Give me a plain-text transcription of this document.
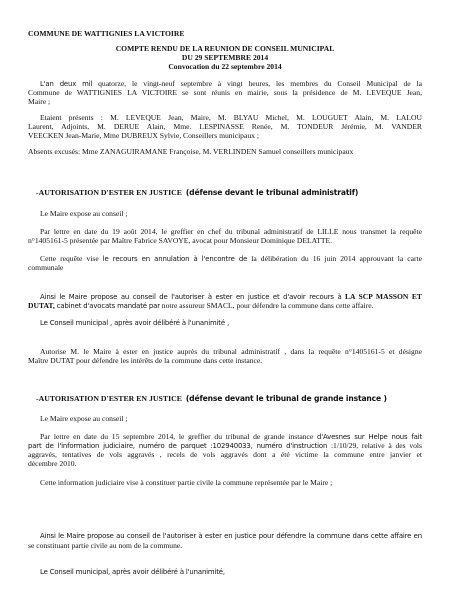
COMMUNE DE WATTIGNIES LA VICTOIRE

COMPTE RENDU DE LA REUNION DE CONSEIL MUNICIPAL

DU 29 SEPTEMBRE 2014

Convocation du 22 septembre 2014

L'an deux mil quatorze, le vingt-neuf septembre à vingt heures, les membres du Conseil Municipal de la

Commune de WATTIGNIES LA VICTOIRE se sont réunis en mairie, sous la présidence de M. LEVEQUE Jean,

Maire ;

Etaient présents : M. LEVEQUE Jean, Maire, M. BLYAU Michel, M. LOUGUET Alain, M. LALOU

Laurent, Adjoints, M. DERUE Alain, Mme. LESPINASSE Renée, M. TONDEUR Jérémie, M. VANDER

VEECKEN Jean-Marie, Mme DUBREUX Sylvie, Conseillers municipaux ;

Absents excusés: Mme ZANAGUIRAMANE Françoise, M. VERLINDEN Samuel conseillers municipaux

-AUTORISATION D'ESTER EN JUSTICE (défense devant le tribunal administratif)

Le Maire expose au conseil ;

Par lettre en date du 19 août 2014, le greffier en chef du tribunal administratif de LILLE nous transmet la requête

n°1405161-5 présentée par Maître Fabrice SAVOYE, avocat pour Monsieur Dominique DELATTE.

Cette requête vise le recours en annulation à l'encontre de la délibération du 16 juin 2014 approuvant la carte

communale

Ainsi le Maire propose au conseil de l'autoriser à ester en justice et d'avoir recours à LA SCP MASSON ET

DUTAT, cabinet d'avocats mandaté par notre assureur SMACL, pour défendre la commune dans cette affaire.

Le Conseil municipal , après avoir délibéré à l'unanimité ,

Autorise M. le Maire à ester en justice auprès du tribunal administratif , dans la requête n°1405161-5 et désigne

Maître DUTAT pour défendre les intérêts de la commune dans cette instance.

-AUTORISATION D'ESTER EN JUSTICE (défense devant le tribunal de grande instance )

Le Maire expose au conseil ;

Par lettre en date du 15 septembre 2014, le greffier du tribunal de grande instance d'Avesnes sur Helpe nous fait

part de l'information judiciaire, numéro de parquet :102940033, numéro d'instruction :1/10/29, relative à des vols

aggravés, tentatives de vols aggravés , recels de vols aggravés dont a été victime la commune entre janvier et

décembre 2010.

Cette information judiciaire vise à constituer partie civile la commune représentée par le Maire ;

Ainsi le Maire propose au conseil de l'autoriser à ester en justice pour défendre la commune dans cette affaire en

se constituant partie civile au nom de la commune.

Le Conseil municipal, après avoir délibéré à l'unanimité,
